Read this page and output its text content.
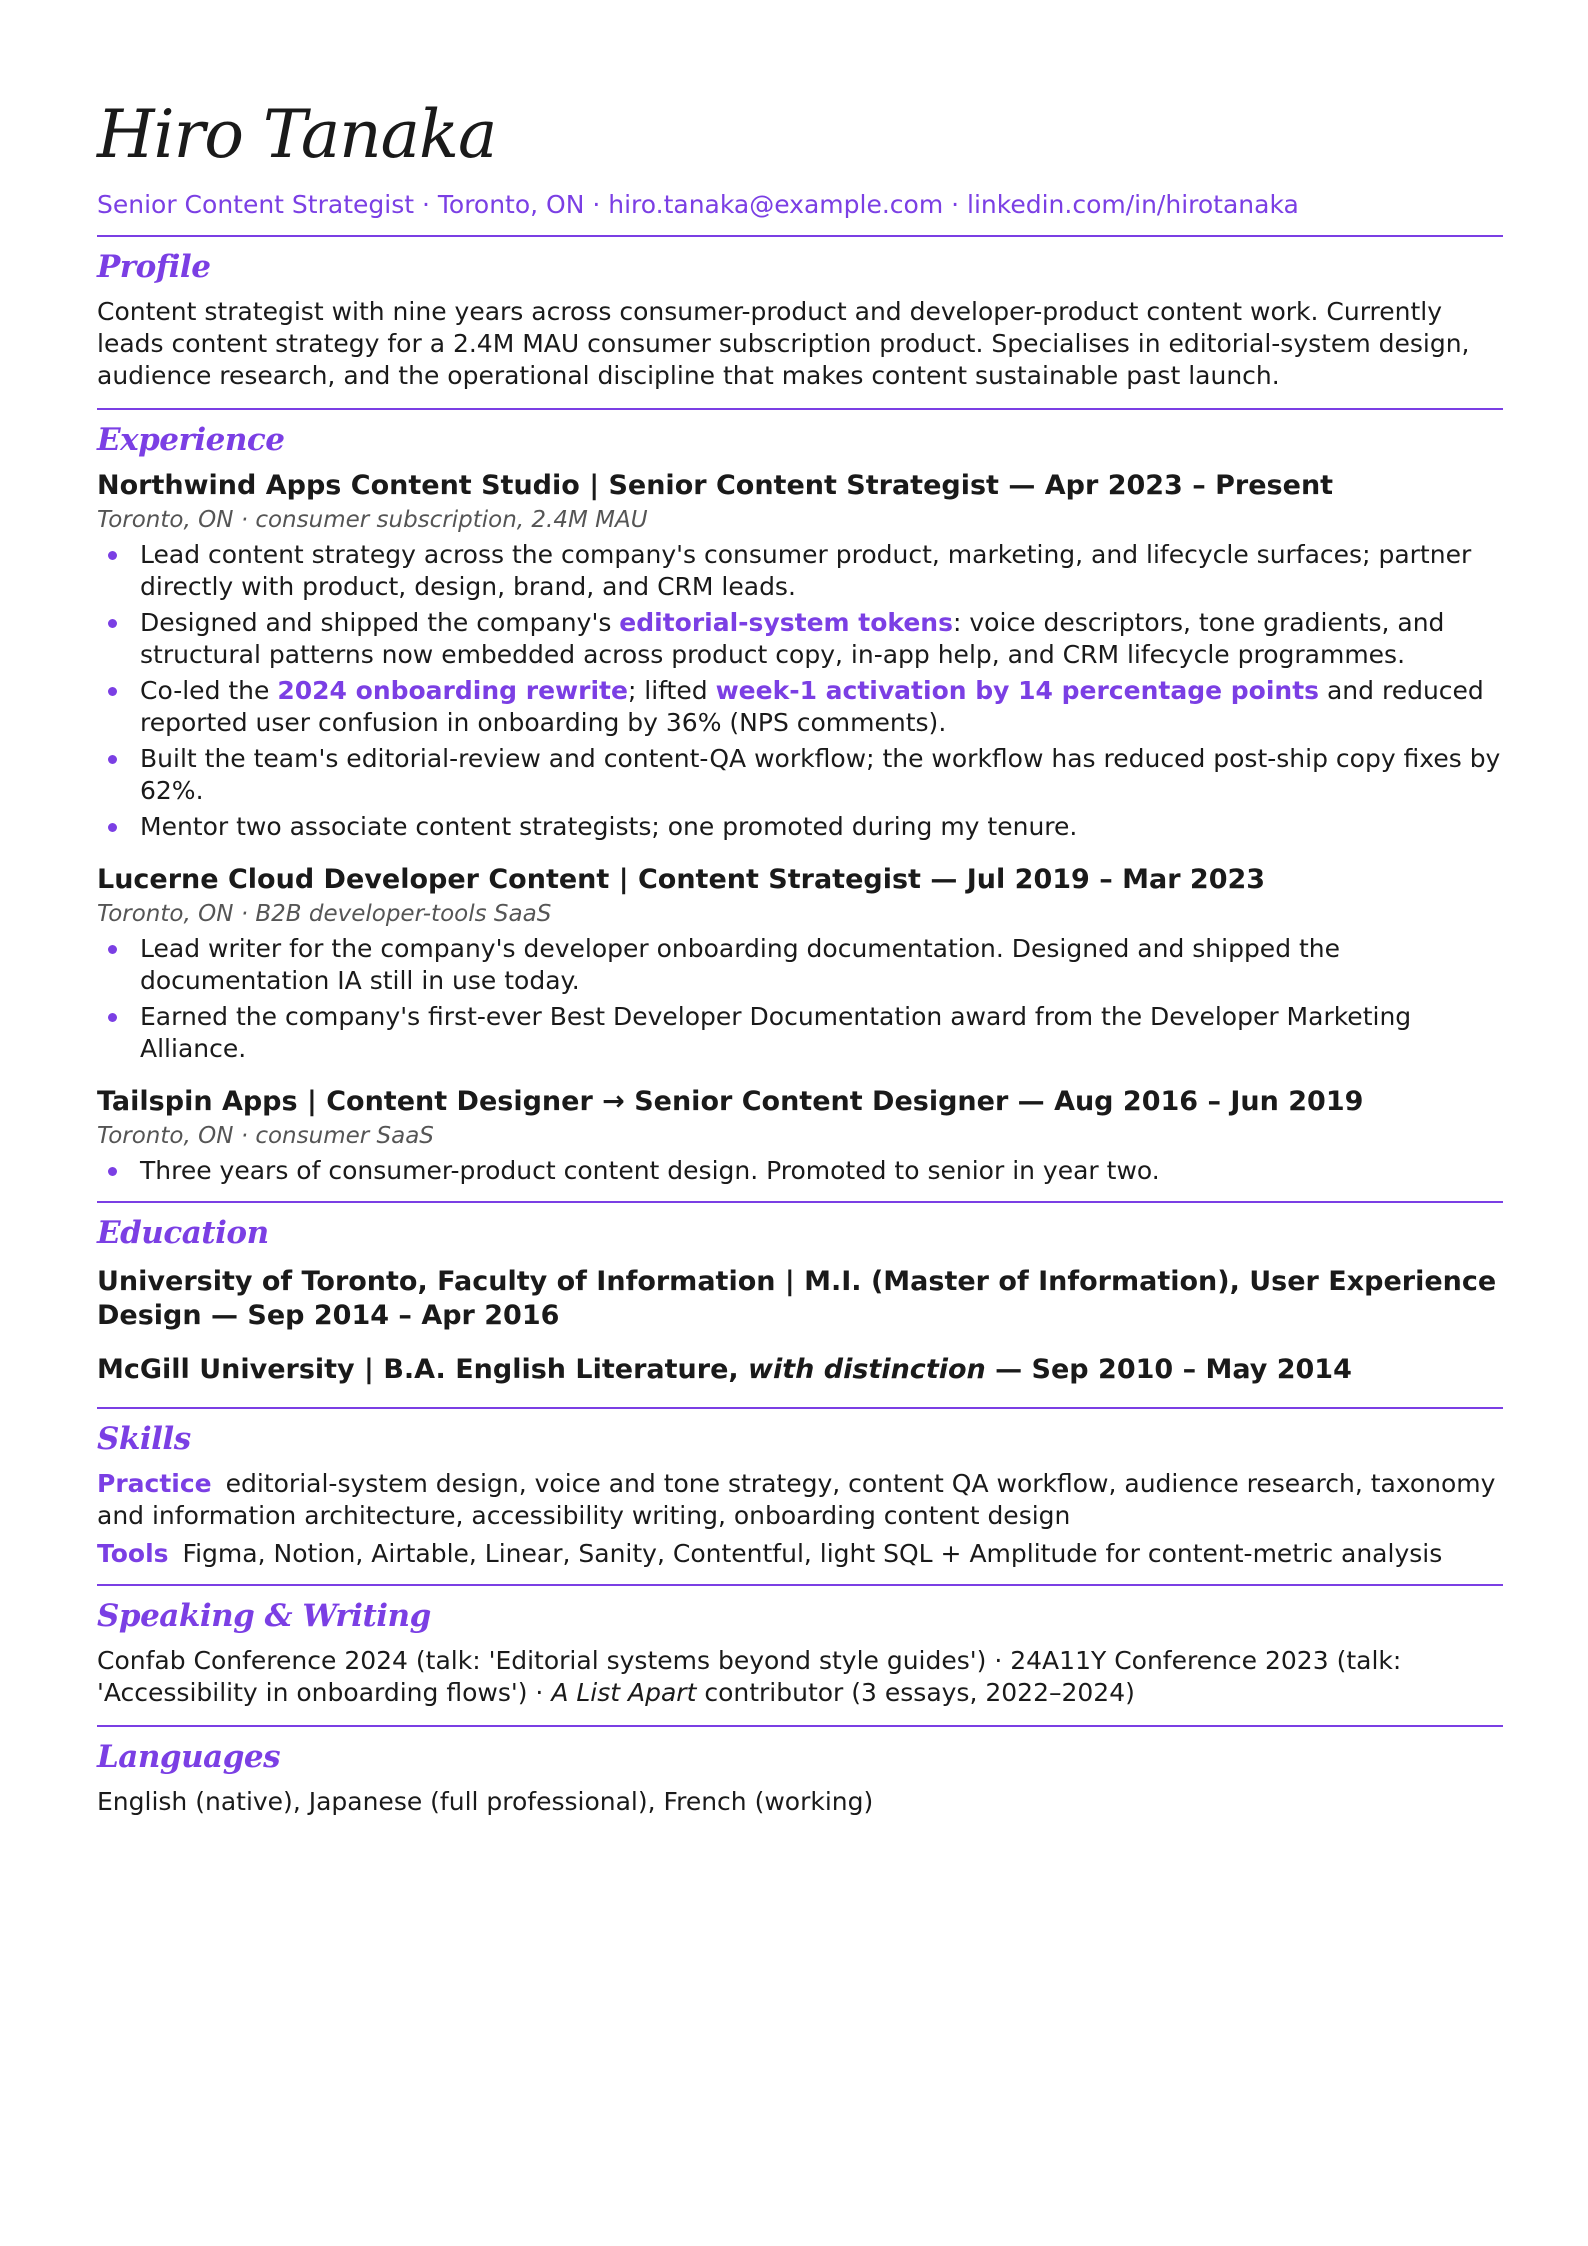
Hiro Tanaka
Senior Content Strategist · Toronto, ON · hiro.tanaka@example.com · linkedin.com/in/hirotanaka
Profile

Content strategist with nine years across consumer-product and developer-product content work. Currently leads content strategy for a 2.4M MAU consumer subscription product. Specialises in editorial-system design, audience research, and the operational discipline that makes content sustainable past launch.

Experience
Northwind Apps Content Studio | Senior Content Strategist — Apr 2023 – Present
Toronto, ON · consumer subscription, 2.4M MAU
Lead content strategy across the company's consumer product, marketing, and lifecycle surfaces; partner directly with product, design, brand, and CRM leads.
Designed and shipped the company's editorial-system tokens: voice descriptors, tone gradients, and structural patterns now embedded across product copy, in-app help, and CRM lifecycle programmes.
Co-led the 2024 onboarding rewrite; lifted week-1 activation by 14 percentage points and reduced reported user confusion in onboarding by 36% (NPS comments).
Built the team's editorial-review and content-QA workflow; the workflow has reduced post-ship copy fixes by 62%.
Mentor two associate content strategists; one promoted during my tenure.
Lucerne Cloud Developer Content | Content Strategist — Jul 2019 – Mar 2023
Toronto, ON · B2B developer-tools SaaS
Lead writer for the company's developer onboarding documentation. Designed and shipped the documentation IA still in use today.
Earned the company's first-ever Best Developer Documentation award from the Developer Marketing Alliance.
Tailspin Apps | Content Designer → Senior Content Designer — Aug 2016 – Jun 2019
Toronto, ON · consumer SaaS
Three years of consumer-product content design. Promoted to senior in year two.
Education
University of Toronto, Faculty of Information | M.I. (Master of Information), User Experience Design — Sep 2014 – Apr 2016
McGill University | B.A. English Literature, with distinction — Sep 2010 – May 2014
Skills
Practice editorial-system design, voice and tone strategy, content QA workflow, audience research, taxonomy and information architecture, accessibility writing, onboarding content design
Tools Figma, Notion, Airtable, Linear, Sanity, Contentful, light SQL + Amplitude for content-metric analysis
Speaking & Writing

Confab Conference 2024 (talk: 'Editorial systems beyond style guides') · 24A11Y Conference 2023 (talk: 'Accessibility in onboarding flows') · A List Apart contributor (3 essays, 2022–2024)

Languages

English (native), Japanese (full professional), French (working)
